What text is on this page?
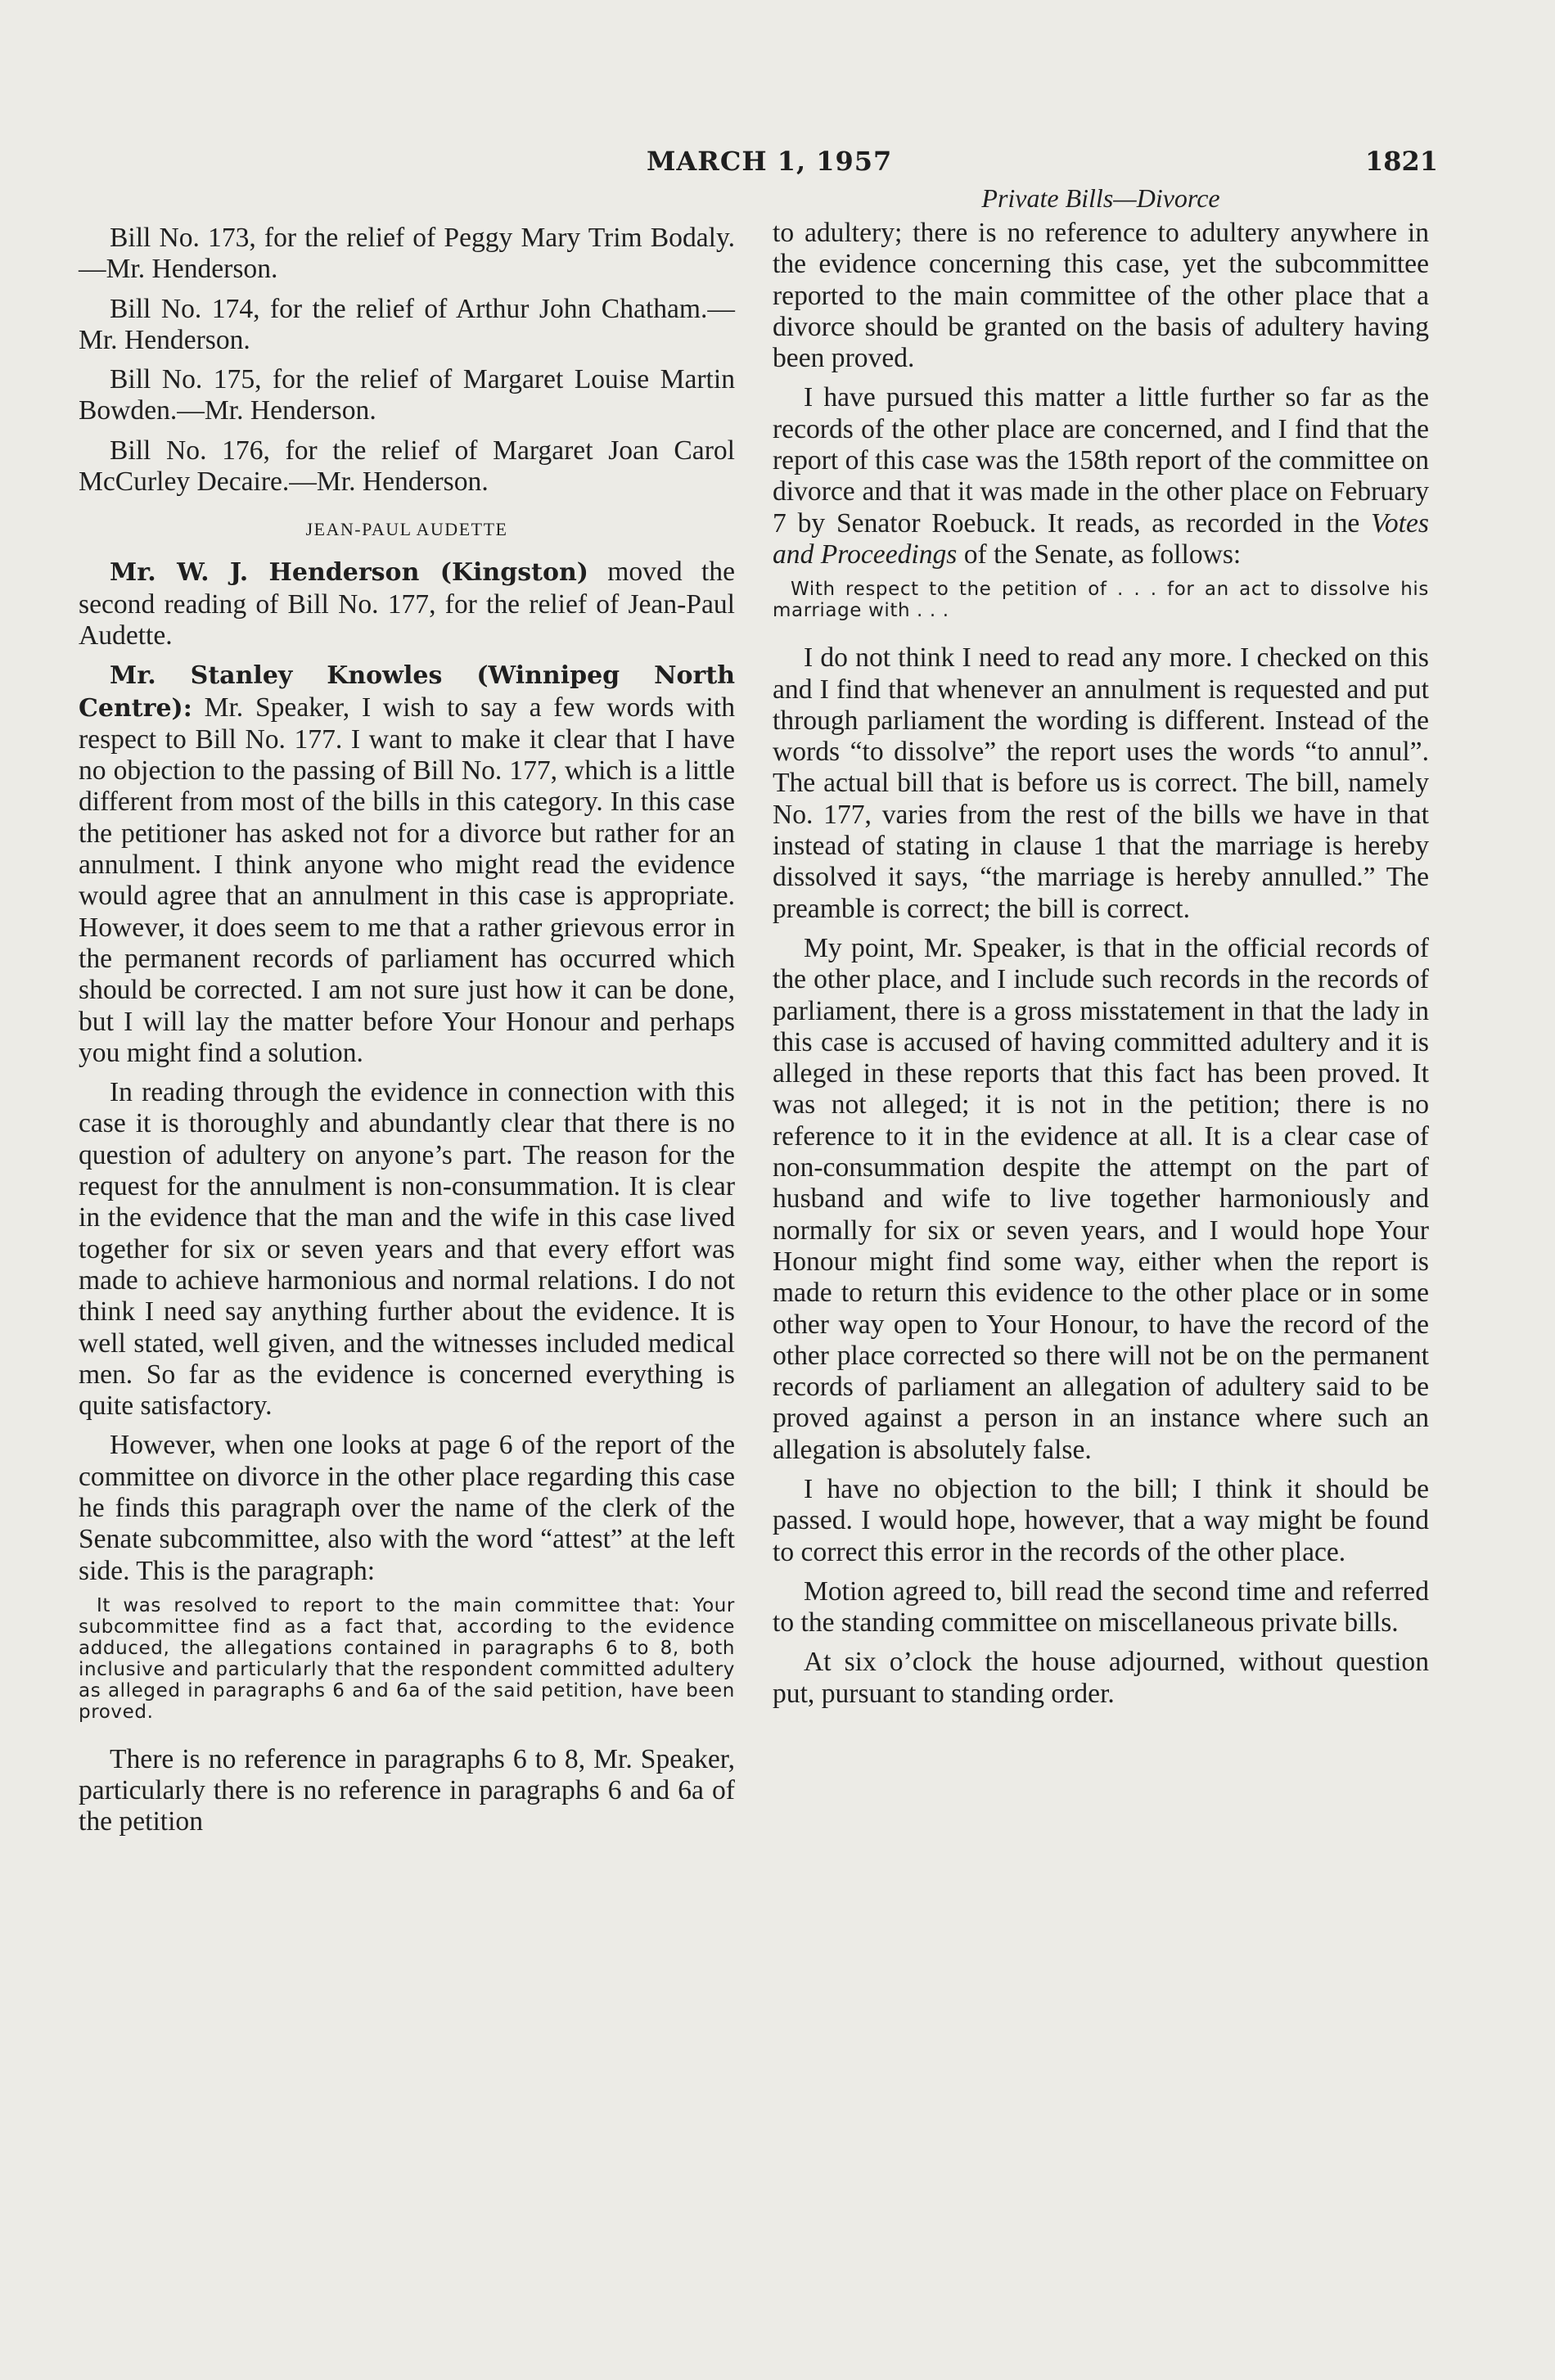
MARCH 1, 1957	1821

Bill No. 173, for the relief of Peggy Mary Trim Bodaly.—Mr. Henderson.

Bill No. 174, for the relief of Arthur John Chatham.—Mr. Henderson.

Bill No. 175, for the relief of Margaret Louise Martin Bowden.—Mr. Henderson.

Bill No. 176, for the relief of Margaret Joan Carol McCurley Decaire.—Mr. Henderson.

JEAN-PAUL AUDETTE

Mr. W. J. Henderson (Kingston) moved the second reading of Bill No. 177, for the relief of Jean-Paul Audette.

Mr. Stanley Knowles (Winnipeg North Centre): Mr. Speaker, I wish to say a few words with respect to Bill No. 177. I want to make it clear that I have no objection to the passing of Bill No. 177, which is a little different from most of the bills in this category. In this case the petitioner has asked not for a divorce but rather for an annulment. I think anyone who might read the evidence would agree that an annulment in this case is appropriate. However, it does seem to me that a rather grievous error in the permanent records of parliament has occurred which should be corrected. I am not sure just how it can be done, but I will lay the matter before Your Honour and perhaps you might find a solution.

In reading through the evidence in connection with this case it is thoroughly and abundantly clear that there is no question of adultery on anyone’s part. The reason for the request for the annulment is non-consummation. It is clear in the evidence that the man and the wife in this case lived together for six or seven years and that every effort was made to achieve harmonious and normal relations. I do not think I need say anything further about the evidence. It is well stated, well given, and the witnesses included medical men. So far as the evidence is concerned everything is quite satisfactory.

However, when one looks at page 6 of the report of the committee on divorce in the other place regarding this case he finds this paragraph over the name of the clerk of the Senate subcommittee, also with the word “attest” at the left side. This is the paragraph:

It was resolved to report to the main committee that: Your subcommittee find as a fact that, according to the evidence adduced, the allegations contained in paragraphs 6 to 8, both inclusive and particularly that the respondent committed adultery as alleged in paragraphs 6 and 6a of the said petition, have been proved.

There is no reference in paragraphs 6 to 8, Mr. Speaker, particularly there is no reference in paragraphs 6 and 6a of the petition

Private Bills—Divorce

to adultery; there is no reference to adultery anywhere in the evidence concerning this case, yet the subcommittee reported to the main committee of the other place that a divorce should be granted on the basis of adultery having been proved.

I have pursued this matter a little further so far as the records of the other place are concerned, and I find that the report of this case was the 158th report of the committee on divorce and that it was made in the other place on February 7 by Senator Roebuck. It reads, as recorded in the Votes and Proceedings of the Senate, as follows:

With respect to the petition of . . . for an act to dissolve his marriage with . . .

I do not think I need to read any more. I checked on this and I find that whenever an annulment is requested and put through parliament the wording is different. Instead of the words “to dissolve” the report uses the words “to annul”. The actual bill that is before us is correct. The bill, namely No. 177, varies from the rest of the bills we have in that instead of stating in clause 1 that the marriage is hereby dissolved it says, “the marriage is hereby annulled.” The preamble is correct; the bill is correct.

My point, Mr. Speaker, is that in the official records of the other place, and I include such records in the records of parliament, there is a gross misstatement in that the lady in this case is accused of having committed adultery and it is alleged in these reports that this fact has been proved. It was not alleged; it is not in the petition; there is no reference to it in the evidence at all. It is a clear case of non-consummation despite the attempt on the part of husband and wife to live together harmoniously and normally for six or seven years, and I would hope Your Honour might find some way, either when the report is made to return this evidence to the other place or in some other way open to Your Honour, to have the record of the other place corrected so there will not be on the permanent records of parliament an allegation of adultery said to be proved against a person in an instance where such an allegation is absolutely false.

I have no objection to the bill; I think it should be passed. I would hope, however, that a way might be found to correct this error in the records of the other place.

Motion agreed to, bill read the second time and referred to the standing committee on miscellaneous private bills.

At six o’clock the house adjourned, without question put, pursuant to standing order.
